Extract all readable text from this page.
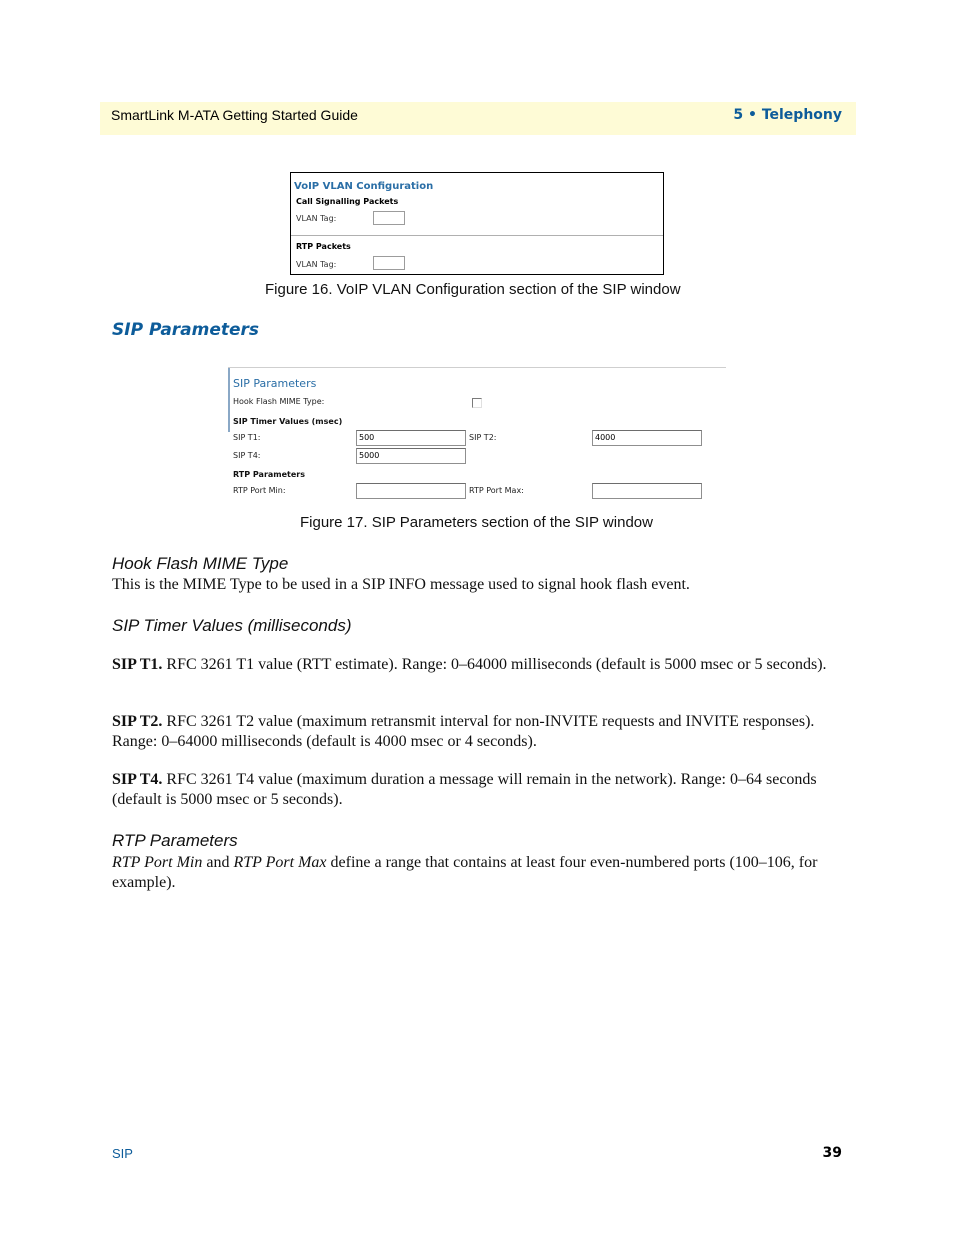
SmartLink M-ATA Getting Started Guide	5 • Telephony
VoIP VLAN Configuration
Call Signalling Packets
VLAN Tag:
RTP Packets
VLAN Tag:
Figure 16. VoIP VLAN Configuration section of the SIP window
SIP Parameters
SIP Parameters
Hook Flash MIME Type:
SIP Timer Values (msec)
SIP T1:	500	SIP T2:	4000
SIP T4:	5000
RTP Parameters
RTP Port Min:	RTP Port Max:
Figure 17. SIP Parameters section of the SIP window
Hook Flash MIME Type
This is the MIME Type to be used in a SIP INFO message used to signal hook flash event.
SIP Timer Values (milliseconds)
SIP T1. RFC 3261 T1 value (RTT estimate). Range: 0–64000 milliseconds (default is 5000 msec or 5 seconds).
SIP T2. RFC 3261 T2 value (maximum retransmit interval for non-INVITE requests and INVITE responses). Range: 0–64000 milliseconds (default is 4000 msec or 4 seconds).
SIP T4. RFC 3261 T4 value (maximum duration a message will remain in the network). Range: 0–64 seconds (default is 5000 msec or 5 seconds).
RTP Parameters
RTP Port Min and RTP Port Max define a range that contains at least four even-numbered ports (100–106, for example).
SIP	39
